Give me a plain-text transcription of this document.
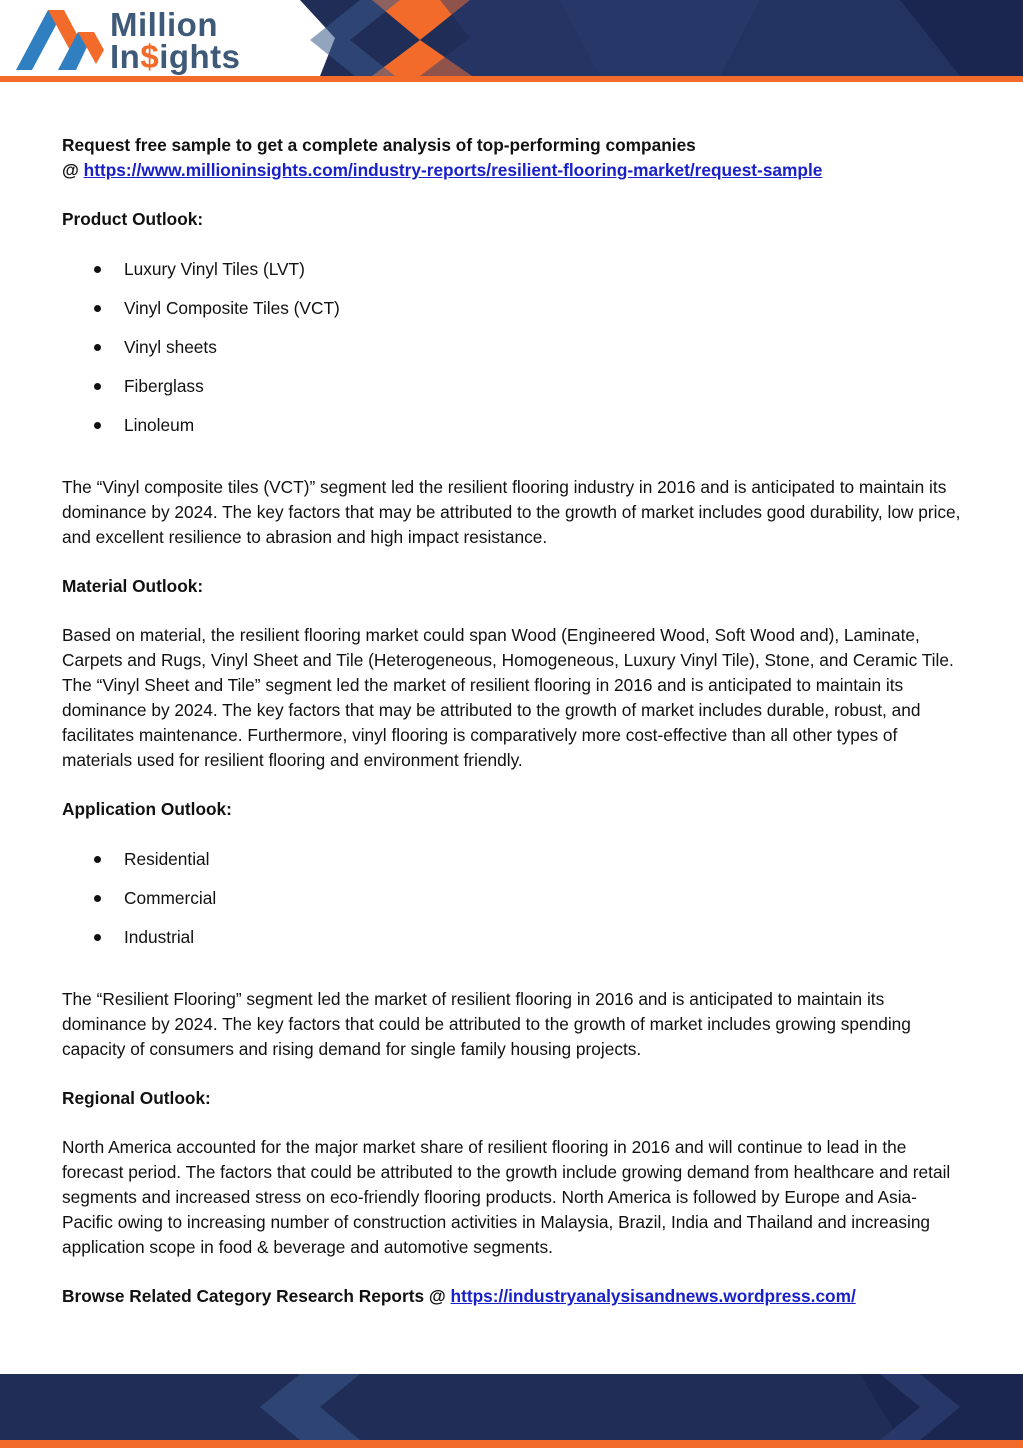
Million
In$ights

Request free sample to get a complete analysis of top-performing companies

@ https://www.millioninsights.com/industry-reports/resilient-flooring-market/request-sample

Product Outlook:

Luxury Vinyl Tiles (LVT)
Vinyl Composite Tiles (VCT)
Vinyl sheets
Fiberglass
Linoleum

The “Vinyl composite tiles (VCT)” segment led the resilient flooring industry in 2016 and is anticipated to maintain its dominance by 2024. The key factors that may be attributed to the growth of market includes good durability, low price, and excellent resilience to abrasion and high impact resistance.

Material Outlook:

Based on material, the resilient flooring market could span Wood (Engineered Wood, Soft Wood and), Laminate, Carpets and Rugs, Vinyl Sheet and Tile (Heterogeneous, Homogeneous, Luxury Vinyl Tile), Stone, and Ceramic Tile. The “Vinyl Sheet and Tile” segment led the market of resilient flooring in 2016 and is anticipated to maintain its dominance by 2024. The key factors that may be attributed to the growth of market includes durable, robust, and facilitates maintenance. Furthermore, vinyl flooring is comparatively more cost-effective than all other types of materials used for resilient flooring and environment friendly.

Application Outlook:

Residential
Commercial
Industrial

The “Resilient Flooring” segment led the market of resilient flooring in 2016 and is anticipated to maintain its dominance by 2024. The key factors that could be attributed to the growth of market includes growing spending capacity of consumers and rising demand for single family housing projects.

Regional Outlook:

North America accounted for the major market share of resilient flooring in 2016 and will continue to lead in the forecast period. The factors that could be attributed to the growth include growing demand from healthcare and retail segments and increased stress on eco-friendly flooring products. North America is followed by Europe and Asia-Pacific owing to increasing number of construction activities in Malaysia, Brazil, India and Thailand and increasing application scope in food & beverage and automotive segments.

Browse Related Category Research Reports @ https://industryanalysisandnews.wordpress.com/
